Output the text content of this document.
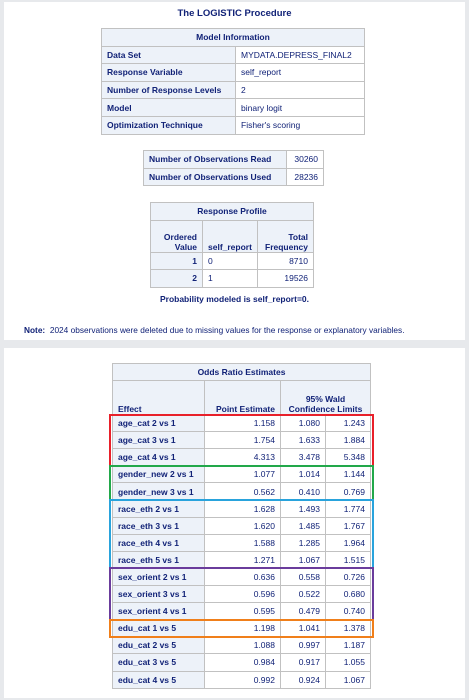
The LOGISTIC Procedure
Model Information	
Data Set	MYDATA.DEPRESS_FINAL2
Response Variable	self_report
Number of Response Levels	2
Model	binary logit
Optimization Technique	Fisher's scoring
Number of Observations Read	30260
Number of Observations Used	28236
Response Profile		
Ordered Value	self_report	Total Frequency
1	0	8710
2	1	19526
Probability modeled is self_report=0.
Note: 2024 observations were deleted due to missing values for the response or explanatory variables.
Odds Ratio Estimates			
Effect	Point Estimate	95% Wald Confidence Limits	
age_cat 2 vs 1	1.158	1.080	1.243
age_cat 3 vs 1	1.754	1.633	1.884
age_cat 4 vs 1	4.313	3.478	5.348
gender_new 2 vs 1	1.077	1.014	1.144
gender_new 3 vs 1	0.562	0.410	0.769
race_eth 2 vs 1	1.628	1.493	1.774
race_eth 3 vs 1	1.620	1.485	1.767
race_eth 4 vs 1	1.588	1.285	1.964
race_eth 5 vs 1	1.271	1.067	1.515
sex_orient 2 vs 1	0.636	0.558	0.726
sex_orient 3 vs 1	0.596	0.522	0.680
sex_orient 4 vs 1	0.595	0.479	0.740
edu_cat 1 vs 5	1.198	1.041	1.378
edu_cat 2 vs 5	1.088	0.997	1.187
edu_cat 3 vs 5	0.984	0.917	1.055
edu_cat 4 vs 5	0.992	0.924	1.067
